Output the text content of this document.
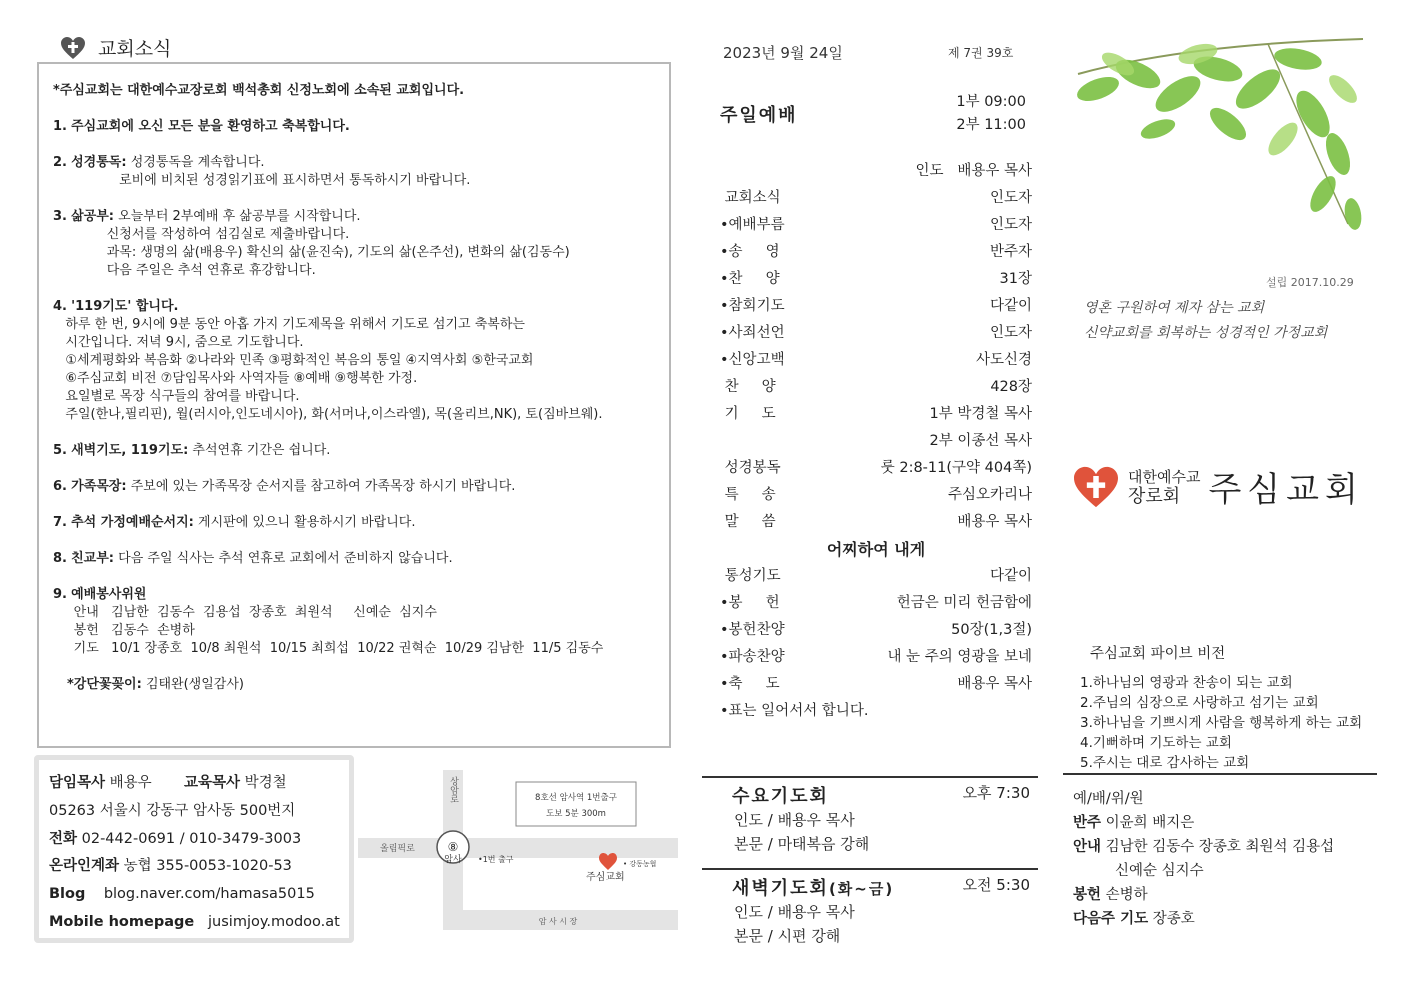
교회소식
*주심교회는 대한예수교장로회 백석총회 신정노회에 소속된 교회입니다.
1. 주심교회에 오신 모든 분을 환영하고 축복합니다.
2. 성경통독: 성경통독을 계속합니다.
로비에 비치된 성경읽기표에 표시하면서 통독하시기 바랍니다.
3. 삶공부: 오늘부터 2부예배 후 삶공부를 시작합니다.
신청서를 작성하여 섬김실로 제출바랍니다.
과목: 생명의 삶(배용우) 확신의 삶(윤진숙), 기도의 삶(온주선), 변화의 삶(김동수)
다음 주일은 추석 연휴로 휴강합니다.
4. '119기도' 합니다.
하루 한 번, 9시에 9분 동안 아홉 가지 기도제목을 위해서 기도로 섬기고 축복하는
시간입니다. 저녁 9시, 줌으로 기도합니다.
①세계평화와 복음화 ②나라와 민족 ③평화적인 복음의 통일 ④지역사회 ⑤한국교회
⑥주심교회 비전 ⑦담임목사와 사역자들 ⑧예배 ⑨행복한 가정.
요일별로 목장 식구들의 참여를 바랍니다.
주일(한나,필리핀), 월(러시아,인도네시아), 화(서머나,이스라엘), 목(올리브,NK), 토(짐바브웨).
5. 새벽기도, 119기도: 추석연휴 기간은 쉽니다.
6. 가족목장: 주보에 있는 가족목장 순서지를 참고하여 가족목장 하시기 바랍니다.
7. 추석 가정예배순서지: 게시판에 있으니 활용하시기 바랍니다.
8. 친교부: 다음 주일 식사는 추석 연휴로 교회에서 준비하지 않습니다.
9. 예배봉사위원
안내   김남한  김동수  김용섭  장종호  최원석     신예순  심지수
봉헌   김동수  손병하
기도   10/1 장종호  10/8 최원석  10/15 최희섭  10/22 권혁순  10/29 김남한  11/5 김동수
*강단꽃꽂이: 김태완(생일감사)
담임목사 배용우 교육목사 박경철
05263 서울시 강동구 암사동 500번지
전화 02-442-0691 / 010-3479-3003
온라인계좌 농협 355-0053-1020-53
Blog blog.naver.com/hamasa5015
Mobile homepage jusimjoy.modoo.at
⑧
암사
상암로
올림픽로
•1번 출구
8호선 암사역 1번출구
도보 5분 300m
주심교회
• 강동농협
암 사 시 장
2023년 9월 24일	제 7권 39호
주일예배
1부 09:00
2부 11:00
인도   배용우 목사
교회소식	인도자
•예배부름	인도자
•송     영	반주자
•찬     양	31장
•참회기도	다같이
•사죄선언	인도자
•신앙고백	사도신경
찬     양	428장
기     도	1부 박경철 목사
2부 이종선 목사
성경봉독	룻 2:8-11(구약 404쪽)
특     송	주심오카리나
말     씀	배용우 목사
어찌하여 내게
통성기도	다같이
•봉     헌	헌금은 미리 헌금함에
•봉헌찬양	50장(1,3절)
•파송찬양	내 눈 주의 영광을 보네
•축     도	배용우 목사
•표는 일어서서 합니다.
수요기도회	오후 7:30
인도 / 배용우 목사
본문 / 마태복음 강해
새벽기도회(화~금)	오전 5:30
인도 / 배용우 목사
본문 / 시편 강해
설립 2017.10.29
영혼 구원하여 제자 삼는 교회
신약교회를 회복하는 성경적인 가정교회
대한예수교
장로회 주심교회
주심교회 파이브 비전
1.하나님의 영광과 찬송이 되는 교회
2.주님의 심장으로 사랑하고 섬기는 교회
3.하나님을 기쁘시게 사람을 행복하게 하는 교회
4.기뻐하며 기도하는 교회
5.주시는 대로 감사하는 교회
예/배/위/원
반주 이윤희 배지은
안내 김남한 김동수 장종호 최원석 김용섭
신예순 심지수
봉헌 손병하
다음주 기도 장종호
